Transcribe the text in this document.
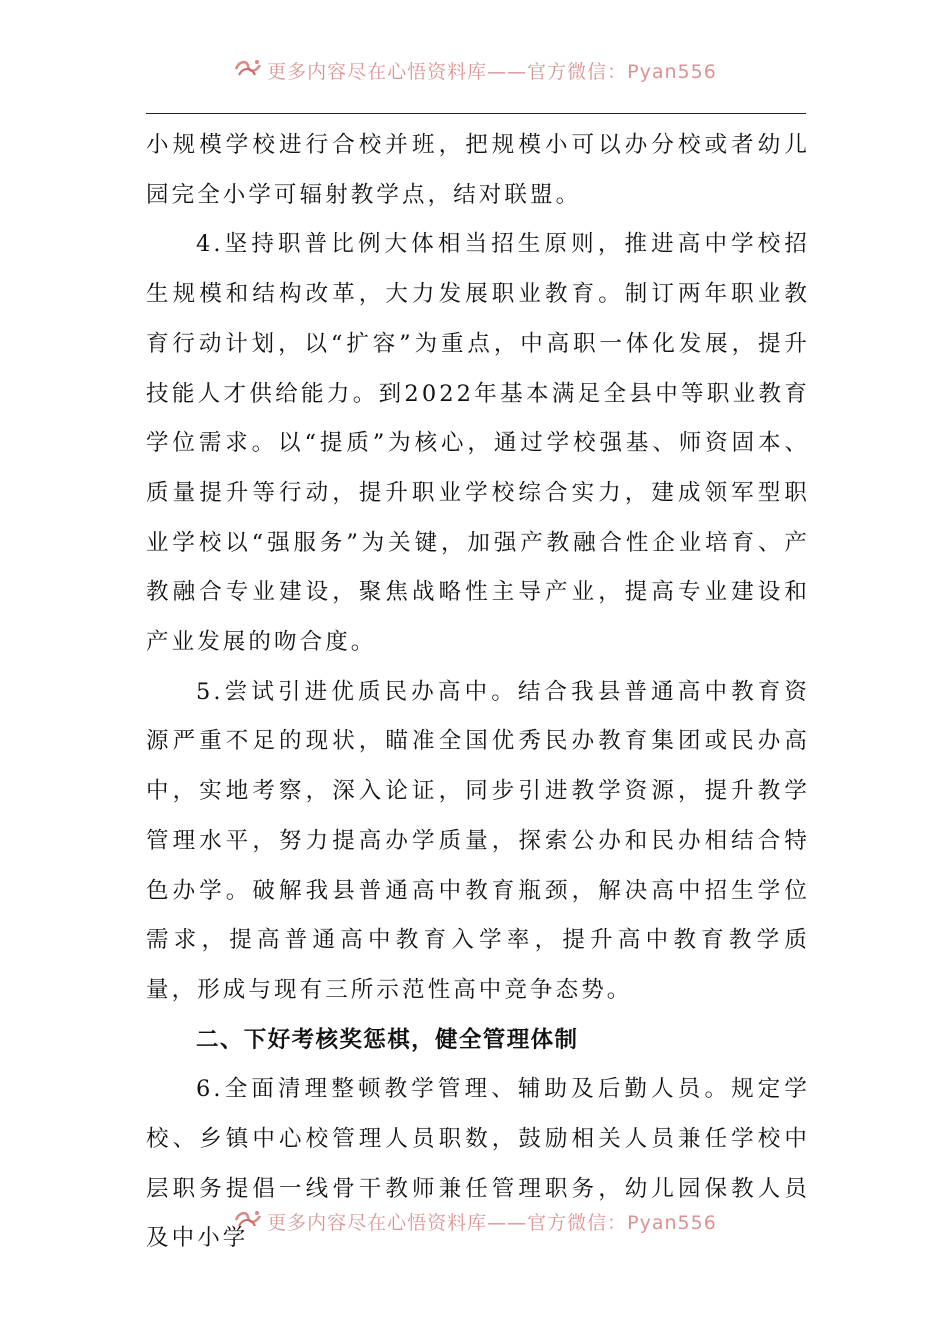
更多内容尽在心悟资料库——官方微信：Pyan556

小规模学校进行合校并班，把规模小可以办分校或者幼儿园完全小学可辐射教学点，结对联盟。

4.坚持职普比例大体相当招生原则，推进高中学校招生规模和结构改革，大力发展职业教育。制订两年职业教育行动计划，以“扩容”为重点，中高职一体化发展，提升技能人才供给能力。到2022年基本满足全县中等职业教育学位需求。以“提质”为核心，通过学校强基、师资固本、质量提升等行动，提升职业学校综合实力，建成领军型职业学校以“强服务”为关键，加强产教融合性企业培育、产教融合专业建设，聚焦战略性主导产业，提高专业建设和产业发展的吻合度。

5.尝试引进优质民办高中。结合我县普通高中教育资源严重不足的现状，瞄准全国优秀民办教育集团或民办高中，实地考察，深入论证，同步引进教学资源，提升教学管理水平，努力提高办学质量，探索公办和民办相结合特色办学。破解我县普通高中教育瓶颈，解决高中招生学位需求，提高普通高中教育入学率，提升高中教育教学质量，形成与现有三所示范性高中竞争态势。

二、下好考核奖惩棋，健全管理体制

6.全面清理整顿教学管理、辅助及后勤人员。规定学校、乡镇中心校管理人员职数，鼓励相关人员兼任学校中层职务提倡一线骨干教师兼任管理职务，幼儿园保教人员及中小学

更多内容尽在心悟资料库——官方微信：Pyan556
